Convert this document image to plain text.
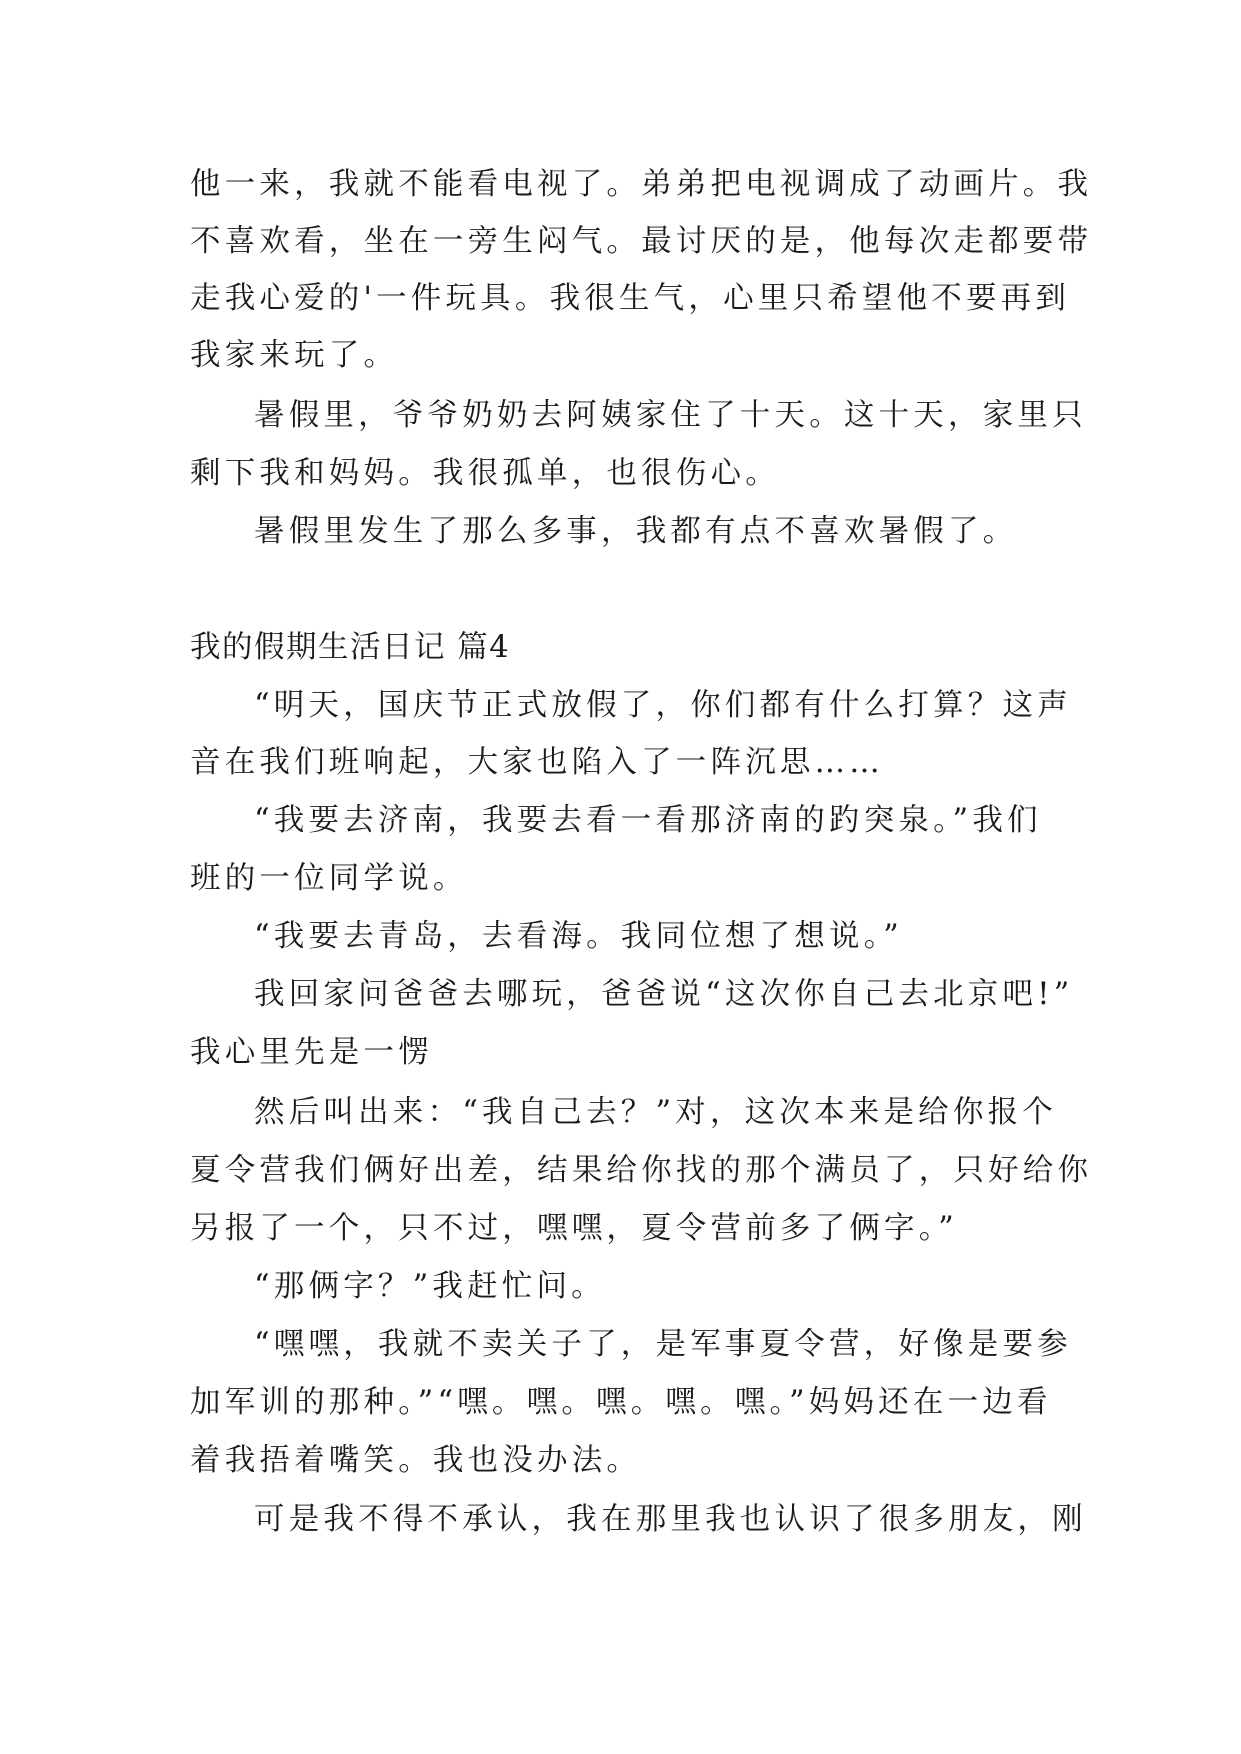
他一来，我就不能看电视了。弟弟把电视调成了动画片。我
不喜欢看，坐在一旁生闷气。最讨厌的是，他每次走都要带
走我心爱的'一件玩具。我很生气，心里只希望他不要再到
我家来玩了。
暑假里，爷爷奶奶去阿姨家住了十天。这十天，家里只
剩下我和妈妈。我很孤单，也很伤心。
暑假里发生了那么多事，我都有点不喜欢暑假了。
我的假期生活日记 篇4
“明天，国庆节正式放假了，你们都有什么打算？这声
音在我们班响起，大家也陷入了一阵沉思……
“我要去济南，我要去看一看那济南的趵突泉。”我们
班的一位同学说。
“我要去青岛，去看海。我同位想了想说。”
我回家问爸爸去哪玩，爸爸说“这次你自己去北京吧!”
我心里先是一愣
然后叫出来：“我自己去？”对，这次本来是给你报个
夏令营我们俩好出差，结果给你找的那个满员了，只好给你
另报了一个，只不过，嘿嘿，夏令营前多了俩字。”
“那俩字？”我赶忙问。
“嘿嘿，我就不卖关子了，是军事夏令营，好像是要参
加军训的那种。”“嘿。嘿。嘿。嘿。嘿。”妈妈还在一边看
着我捂着嘴笑。我也没办法。
可是我不得不承认，我在那里我也认识了很多朋友，刚
